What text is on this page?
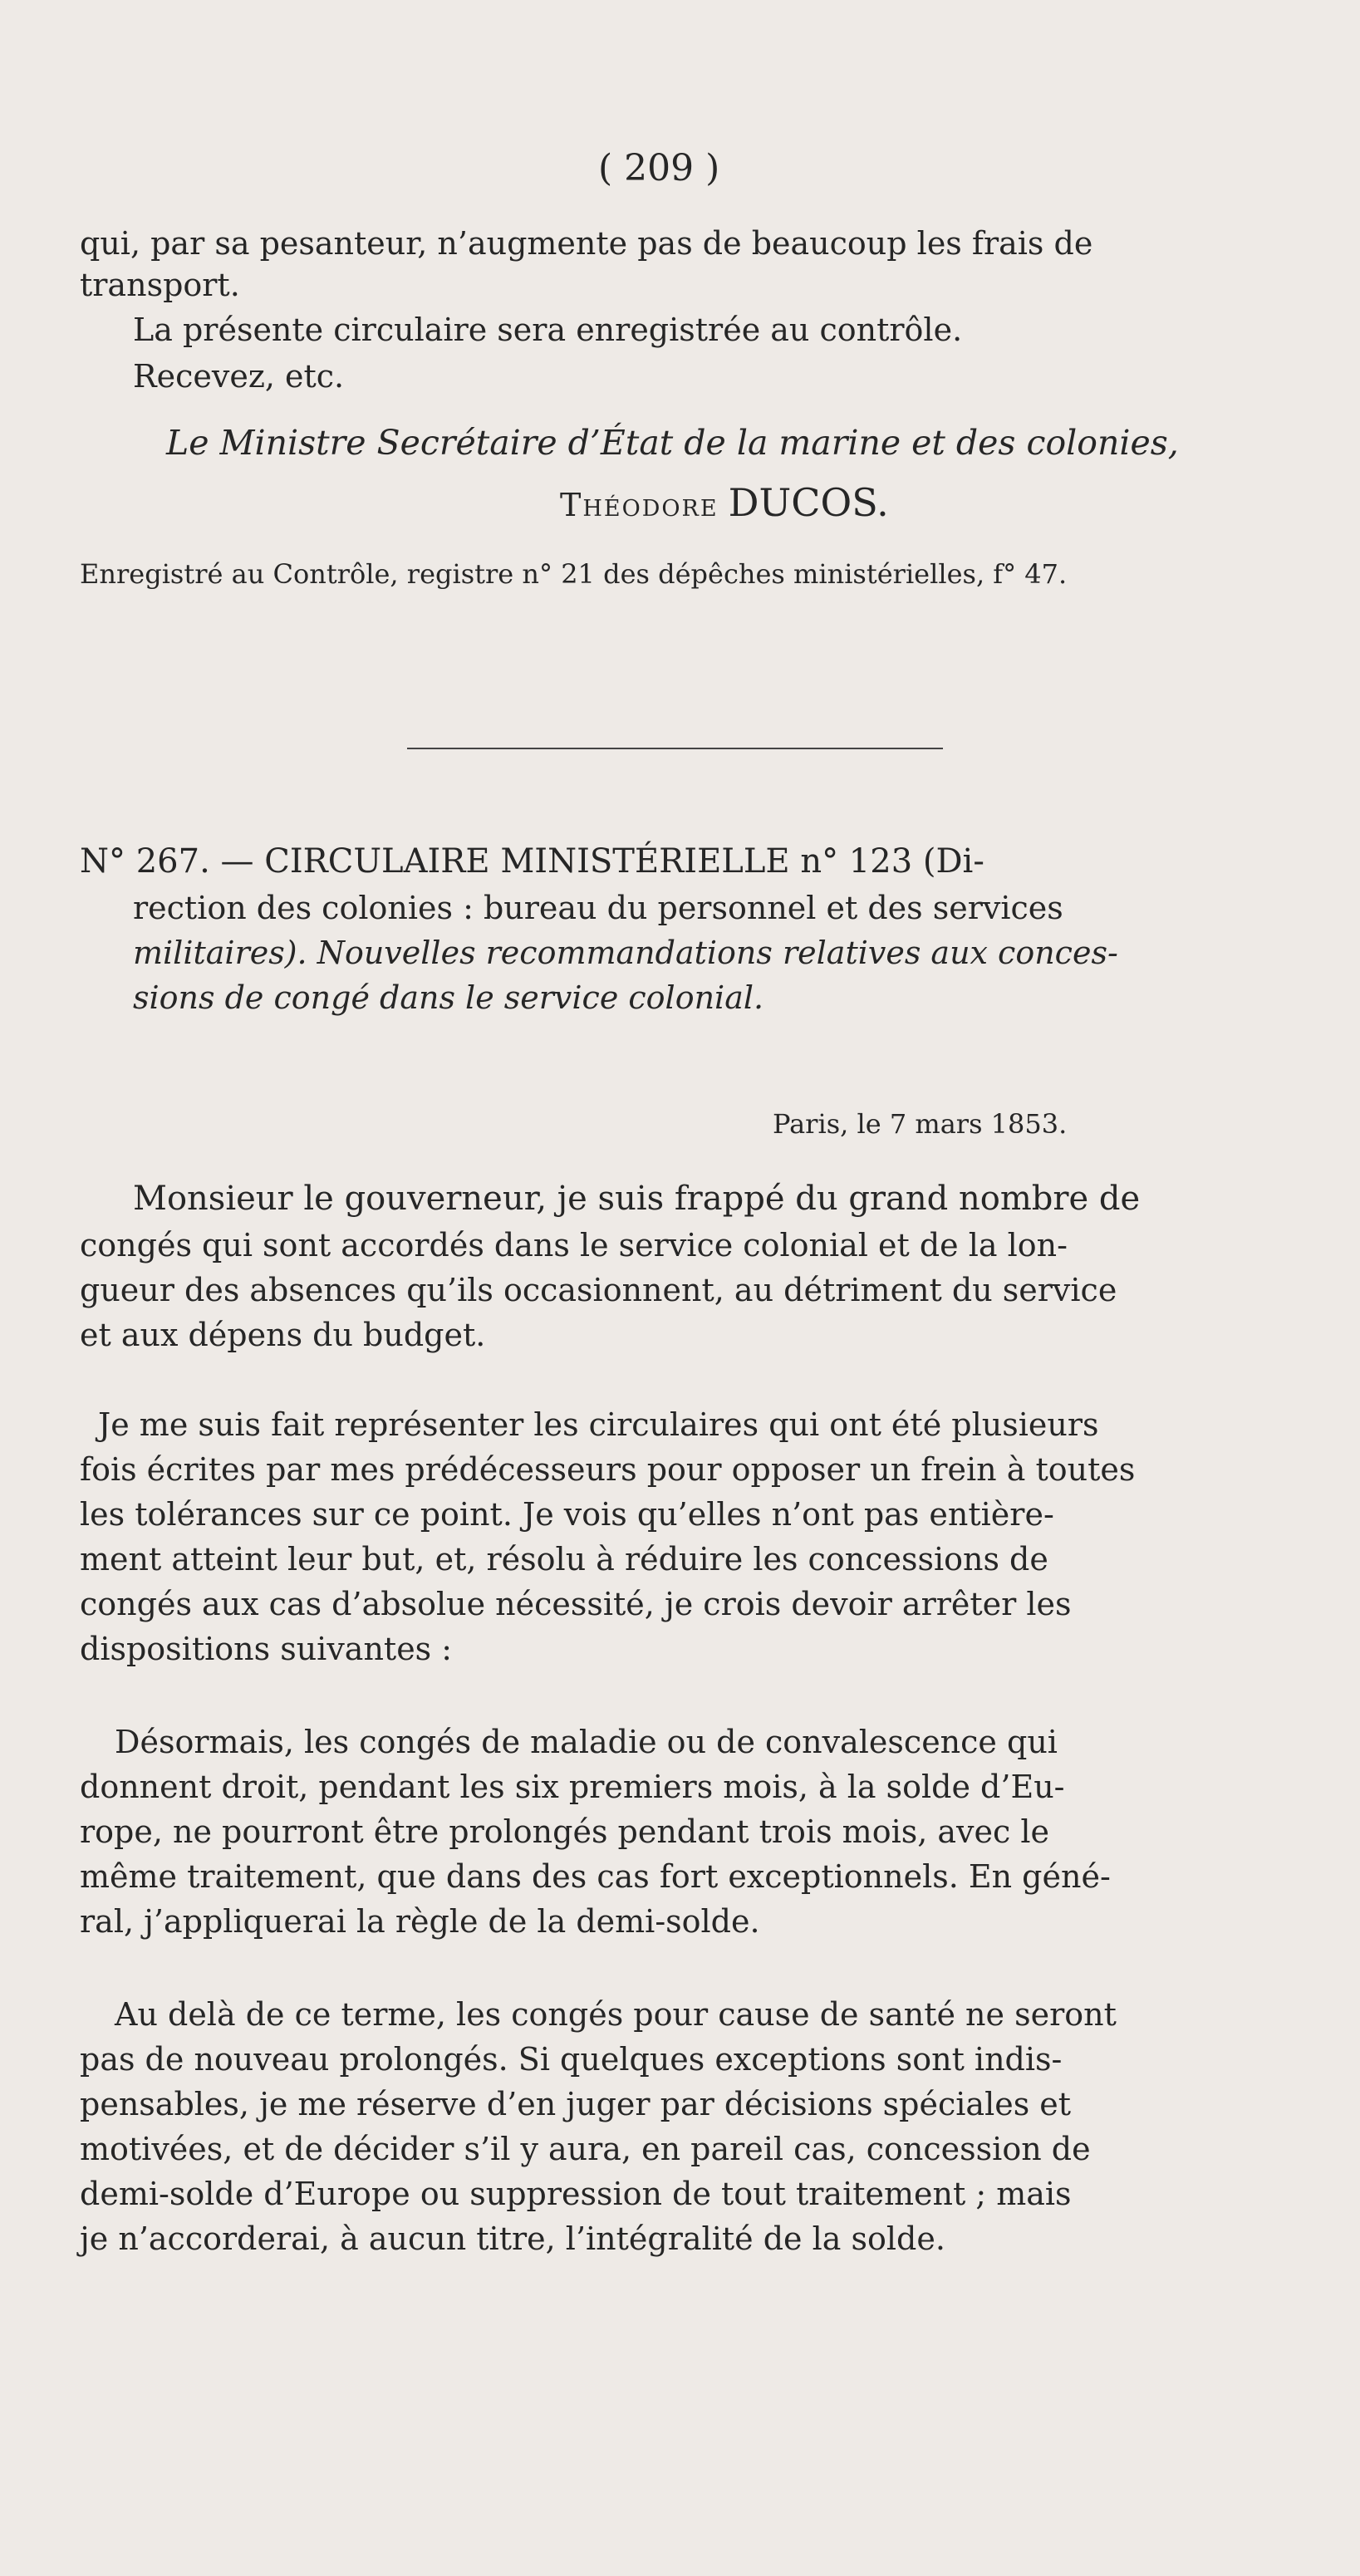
( 209 )
qui, par sa pesanteur, n’augmente pas de beaucoup les frais de
transport.
La présente circulaire sera enregistrée au contrôle.
Recevez, etc.
Le Ministre Secrétaire d’État de la marine et des colonies,
Théodore DUCOS.
Enregistré au Contrôle, registre n° 21 des dépêches ministérielles, f° 47.
N° 267. — CIRCULAIRE MINISTÉRIELLE n° 123 (Di-
rection des colonies : bureau du personnel et des services
militaires). Nouvelles recommandations relatives aux conces-
sions de congé dans le service colonial.
Paris, le 7 mars 1853.
Monsieur le gouverneur, je suis frappé du grand nombre de
congés qui sont accordés dans le service colonial et de la lon-
gueur des absences qu’ils occasionnent, au détriment du service
et aux dépens du budget.
Je me suis fait représenter les circulaires qui ont été plusieurs
fois écrites par mes prédécesseurs pour opposer un frein à toutes
les tolérances sur ce point. Je vois qu’elles n’ont pas entière-
ment atteint leur but, et, résolu à réduire les concessions de
congés aux cas d’absolue nécessité, je crois devoir arrêter les
dispositions suivantes :
Désormais, les congés de maladie ou de convalescence qui
donnent droit, pendant les six premiers mois, à la solde d’Eu-
rope, ne pourront être prolongés pendant trois mois, avec le
même traitement, que dans des cas fort exceptionnels. En géné-
ral, j’appliquerai la règle de la demi-solde.
Au delà de ce terme, les congés pour cause de santé ne seront
pas de nouveau prolongés. Si quelques exceptions sont indis-
pensables, je me réserve d’en juger par décisions spéciales et
motivées, et de décider s’il y aura, en pareil cas, concession de
demi-solde d’Europe ou suppression de tout traitement ; mais
je n’accorderai, à aucun titre, l’intégralité de la solde.
